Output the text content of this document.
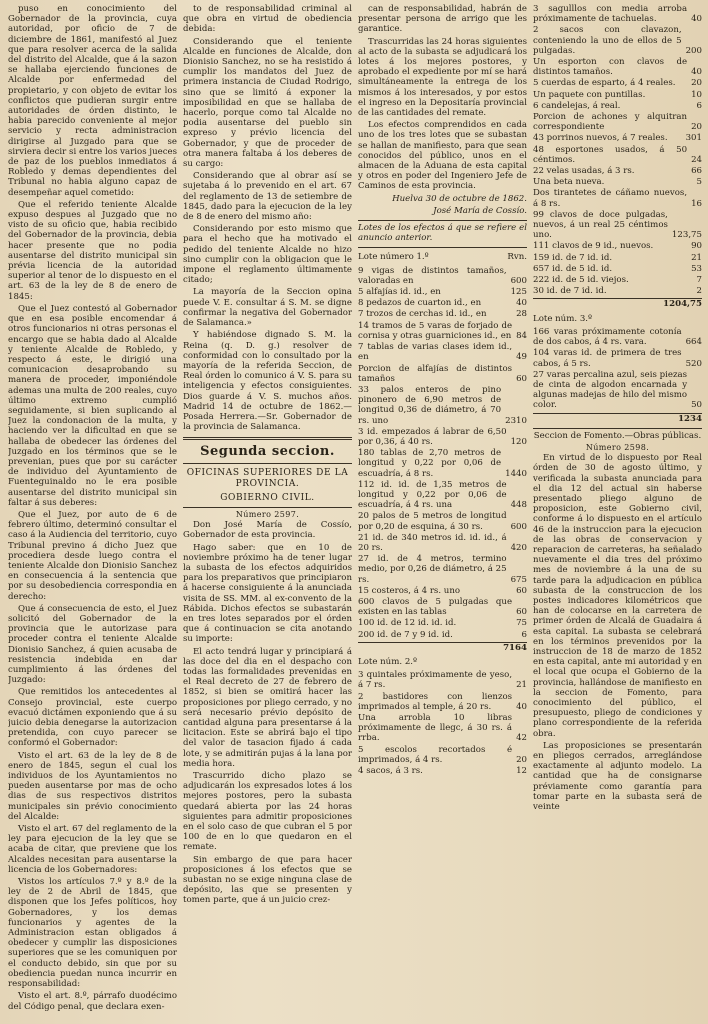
puso en conocimiento del Gobernador de la provincia, cuya autoridad, por oficio de 7 de diciembre de 1861, manifestó al Juez que para resolver acerca de la salida del distrito del Alcalde, que á la sazon se hallaba ejerciendo funciones de Alcalde por enfermedad del propietario, y con objeto de evitar los conflictos que pudieran surgir entre autoridades de órden distinto, le habia parecido conveniente al mejor servicio y recta administracion dirigirse al Juzgado para que se sirviera decir si entre los varios jueces de paz de los pueblos inmediatos á Robledo y demas dependientes del Tribunal no habia alguno capaz de desempeñar aquel cometido:

Que el referido teniente Alcalde expuso despues al Juzgado que no visto de su oficio que, habia recibido del Gobernador de la provincia, debia hacer presente que no podia ausentarse del distrito municipal sin prévia licencia de la autoridad superior al tenor de lo dispuesto en el art. 63 de la ley de 8 de enero de 1845:

Que el Juez contestó al Gobernador que en esa posible encomendar á otros funcionarios ni otras personas el encargo que se habia dado al Alcalde y teniente Alcalde de Robledo, y respecto á este, le dirigió una comunicacion desaprobando su manera de proceder, imponiéndole ademas una multa de 200 reales, cuyo último extremo cumplió seguidamente, si bien suplicando al Juez la condonacion de la multa, y haciendo ver la dificultad en que se hallaba de obedecer las órdenes del Juzgado en los términos que se le prevenian, pues que por su carácter de individuo del Ayuntamiento de Fuenteguinaldo no le era posible ausentarse del distrito municipal sin faltar á sus deberes:

Que el Juez, por auto de 6 de febrero último, determinó consultar el caso á la Audiencia del territorio, cuyo Tribunal previno á dicho Juez que procediera desde luego contra el teniente Alcalde don Dionisio Sanchez en consecuencia á la sentencia que por su desobediencia correspondia en derecho:

Que á consecuencia de esto, el Juez solicitó del Gobernador de la provincia que le autorizase para proceder contra el teniente Alcalde Dionisio Sanchez, á quien acusaba de resistencia indebida en dar cumplimiento á las órdenes del Juzgado:

Que remitidos los antecedentes al Consejo provincial, este cuerpo evacuó dictámen exponiendo que á su juicio debia denegarse la autorizacion pretendida, con cuyo parecer se conformó el Gobernador:

Visto el art. 63 de la ley de 8 de enero de 1845, segun el cual los individuos de los Ayuntamientos no pueden ausentarse por mas de ocho dias de sus respectivos distritos municipales sin prévio conocimiento del Alcalde:

Visto el art. 67 del reglamento de la ley para ejecucion de la ley que se acaba de citar, que previene que los Alcaldes necesitan para ausentarse la licencia de los Gobernadores:

Vistos los artículos 7.º y 8.º de la ley de 2 de Abril de 1845, que disponen que los Jefes políticos, hoy Gobernadores, y los demas funcionarios y agentes de la Administracion estan obligados á obedecer y cumplir las disposiciones superiores que se les comuniquen por el conducto debido, sin que por su obediencia puedan nunca incurrir en responsabilidad:

Visto el art. 8.º, párrafo duodécimo del Código penal, que declara exen-

to de responsabilidad criminal al que obra en virtud de obediencia debida:

Considerando que el teniente Alcalde en funciones de Alcalde, don Dionisio Sanchez, no se ha resistido á cumplir los mandatos del Juez de primera instancia de Ciudad Rodrigo, sino que se limitó á exponer la imposibilidad en que se hallaba de hacerlo, porque como tal Alcalde no podia ausentarse del pueblo sin expreso y prévio licencia del Gobernador, y que de proceder de otra manera faltaba á los deberes de su cargo:

Considerando que al obrar así se sujetaba á lo prevenido en el art. 67 del reglamento de 13 de setiembre de 1845, dado para la ejecucion de la ley de 8 de enero del mismo año:

Considerando por esto mismo que para el hecho que ha motivado el pedido del teniente Alcalde no hizo sino cumplir con la obligacion que le impone el reglamento últimamente citado;

La mayoría de la Seccion opina puede V. E. consultar á S. M. se digne confirmar la negativa del Gobernador de Salamanca.»

Y habiéndose dignado S. M. la Reina (q. D. g.) resolver de conformidad con lo consultado por la mayoría de la referida Seccion, de Real órden lo comunico á V. S. para su inteligencia y efectos consiguientes. Dios guarde á V. S. muchos años. Madrid 14 de octubre de 1862.—Posada Herrera.—Sr. Gobernador de la provincia de Salamanca.

Segunda seccion.
OFICINAS SUPERIORES DE LA PROVINCIA.
GOBIERNO CIVIL.
Número 2597.

Don José María de Cossío, Gobernador de esta provincia.

Hago saber: que en 10 de noviembre próximo ha de tener lugar la subasta de los efectos adquiridos para los preparativos que principiaron á hacerse consiguiente á la anunciada visita de SS. MM. al ex-convento de la Rábida. Dichos efectos se subastarán en tres lotes separados por el órden que á continuacion se cita anotando su importe:

El acto tendrá lugar y principiará á las doce del dia en el despacho con todas las formalidades prevenidas en el Real decreto de 27 de febrero de 1852, si bien se omitirá hacer las proposiciones por pliego cerrado, y no será necesario prévio depósito de cantidad alguna para presentarse á la licitacion. Este se abrirá bajo el tipo del valor de tasacion fijado á cada lote, y se admitirán pujas á la lana por media hora.

Trascurrido dicho plazo se adjudicarán los expresados lotes á los mejores postores, pero la subasta quedará abierta por las 24 horas siguientes para admitir proposiciones en el solo caso de que cubran el 5 por 100 de en lo que quedaron en el remate.

Sin embargo de que para hacer proposiciones á los efectos que se subastan no se exige ninguna clase de depósito, las que se presenten y tomen parte, que á un juicio crez-

can de responsabilidad, habrán de presentar persona de arrigo que les garantice.

Trascurridas las 24 horas siguientes al acto de la subasta se adjudicará los lotes á los mejores postores, y aprobado el expediente por mí se hará simultáneamente la entrega de los mismos á los interesados, y por estos el ingreso en la Depositaría provincial de las cantidades del remate.

Los efectos comprendidos en cada uno de los tres lotes que se subastan se hallan de manifiesto, para que sean conocidos del público, unos en el almacen de la Aduana de esta capital y otros en poder del Ingeniero Jefe de Caminos de esta provincia.

Huelva 30 de octubre de 1862.

José María de Cossío.

Lotes de los efectos á que se refiere el anuncio anterior.

Lote número 1.º	Rvn.
9 vigas de distintos tamaños, valoradas en	600
5 alfajías id. id., en	125
8 pedazos de cuarton id., en	40
7 trozos de cerchas id. id., en	28
14 tramos de 5 varas de forjado de cornisa y otras guarniciones id., en 84
7 tablas de varias clases idem id., en	49
Porcion de alfajías de distintos tamaños	60
33 palos enteros de pino pinonero de 6,90 metros de longitud 0,36 de diámetro, á 70 rs. uno	2310
3 id. empezados á labrar de 6,50 por 0,36, á 40 rs.	120
180 tablas de 2,70 metros de longitud y 0,22 por 0,06 de escuadría, á 8 rs.	1440
112 id. id. de 1,35 metros de longitud y 0,22 por 0,06 de escuadría, á 4 rs. una	448
20 palos de 5 metros de longitud por 0,20 de esquina, á 30 rs.	600
21 id. de 340 metros id. id. id., á 20 rs.	420
27 id. de 4 metros, termino medio, por 0,26 de diámetro, á 25 rs.	675
15 costeros, á 4 rs. uno	60
600 clavos de 5 pulgadas que existen en las tablas	60
100 id. de 12 id. id. id.	75
200 id. de 7 y 9 id. id.	6
7164
Lote núm. 2.º
3 quintales próximamente de yeso, á 7 rs.	21
2 bastidores con lienzos imprimados al temple, á 20 rs.	40
Una arrobla 10 libras próximamente de llegc, á 30 rs. á rrba.	42
5 escolos recortados é imprimados, á 4 rs.	20
4 sacos, á 3 rs.	12
3 sagulllos con media arroba próximamente de tachuelas.	40
2 sacos con clavazon, conteniendo la uno de ellos de 5 pulgadas.	200
Un esporton con clavos de distintos tamaños.	40
5 cuerdas de esparto, á 4 reales.	20
Un paquete con puntillas.	10
6 candelejas, á real.	6
Porcion de achones y alquitran correspondiente	20
43 porrinos nuevos, á 7 reales.	301
48 esportones usados, á 50 céntimos.	24
22 velas usadas, á 3 rs.	66
Una beta nueva.	5
Dos tirantetes de cáñamo nuevos, á 8 rs.	16
99 clavos de doce pulgadas, nuevos, á un real 25 céntimos uno.	123,75
111 clavos de 9 id., nuevos.	90
159 id. de 7 id. id.	21
657 id. de 5 id. id.	53
222 id. de 5 id. viejos.	7
30 id. de 7 id. id.	2
1204,75
Lote núm. 3.º
166 varas próximamente cotonía de dos cabos, á 4 rs. vara.	664
104 varas id. de primera de tres cabos, á 5 rs.	520
27 varas percalina azul, seis piezas de cinta de algodon encarnada y algunas madejas de hilo del mismo color.	50
1234

Seccion de Fomento.—Obras públicas.

Número 2598.

En virtud de lo dispuesto por Real órden de 30 de agosto último, y verificada la subasta anunciada para el dia 12 del actual sin haberse presentado pliego alguno de proposicion, este Gobierno civil, conforme á lo dispuesto en el artículo 46 de la instruccion para la ejecucion de las obras de conservacion y reparacion de carreteras, ha señalado nuevamente el dia tres del próximo mes de noviembre á la una de su tarde para la adjudicacion en pública subasta de la construccion de los postes indicadores kilométricos que han de colocarse en la carretera de primer órden de Alcalá de Guadaira á esta capital. La subasta se celebrará en los términos prevenidos por la instruccion de 18 de marzo de 1852 en esta capital, ante mi autoridad y en el local que ocupa el Gobierno de la provincia, hallándose de manifiesto en la seccion de Fomento, para conocimiento del público, el presupuesto, pliego de condiciones y plano correspondiente de la referida obra.

Las proposiciones se presentarán en pliegos cerrados, arreglándose exactamente al adjunto modelo. La cantidad que ha de consignarse préviamente como garantía para tomar parte en la subasta será de veinte
